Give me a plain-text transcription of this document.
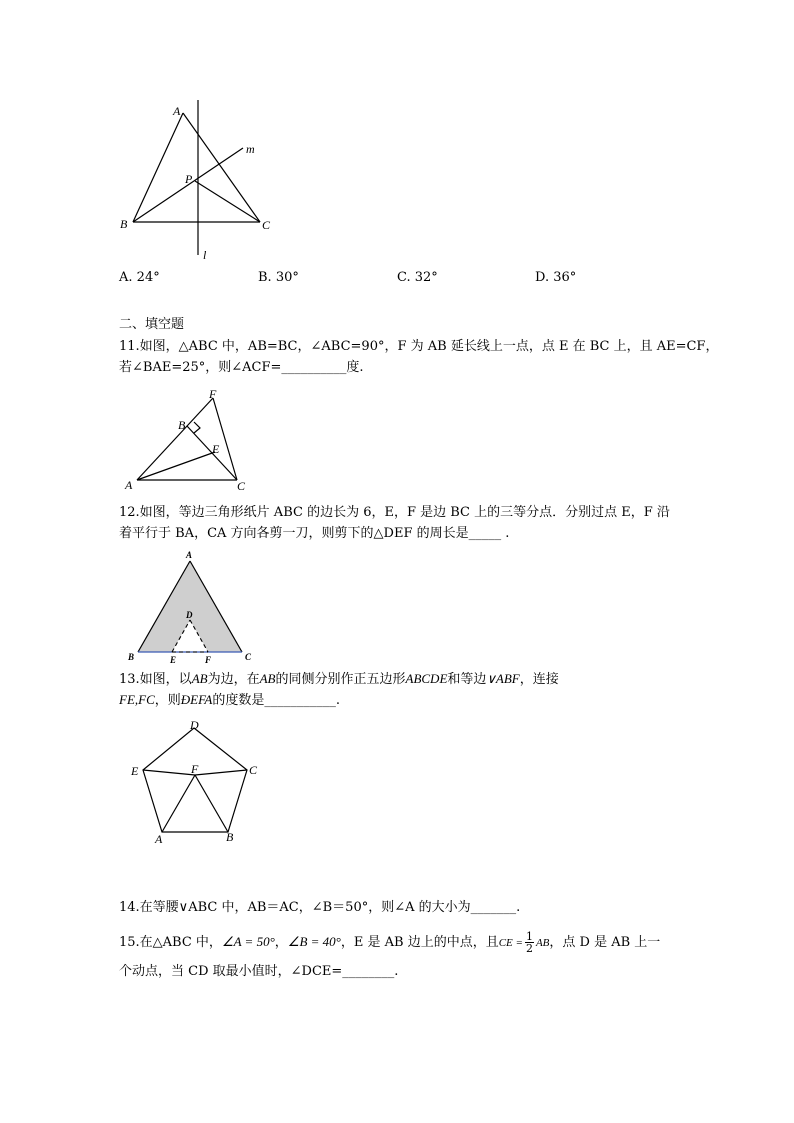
A
P
m
B	C
l
A. 24°	B. 30°	C. 32°	D. 36°
二、填空题
11.如图，△ABC 中，AB=BC，∠ABC=90°，F 为 AB 延长线上一点，点 E 在 BC 上，且 AE=CF，
若∠BAE=25°，则∠ACF=__________度.
F
B
E
A	C
12.如图，等边三角形纸片 ABC 的边长为 6，E，F 是边 BC 上的三等分点．分别过点 E，F 沿
着平行于 BA，CA 方向各剪一刀，则剪下的△DEF 的周长是_____ .
A
D
B	E	F	C
13.如图，以AB为边，在AB的同侧分别作正五边形ABCDE和等边∨ABF，连接
FE,FC，则ÐEFA的度数是___________.
D
E	F	C
A	B
14.在等腰∨ABC 中，AB＝AC，∠B＝50°，则∠A 的大小为_______.
15.在△ABC 中，∠A = 50°，∠B = 40°，E 是 AB 边上的中点，且CE = $\frac{1}{2}$ AB，点 D 是 AB 上一
个动点，当 CD 取最小值时，∠DCE=________.
